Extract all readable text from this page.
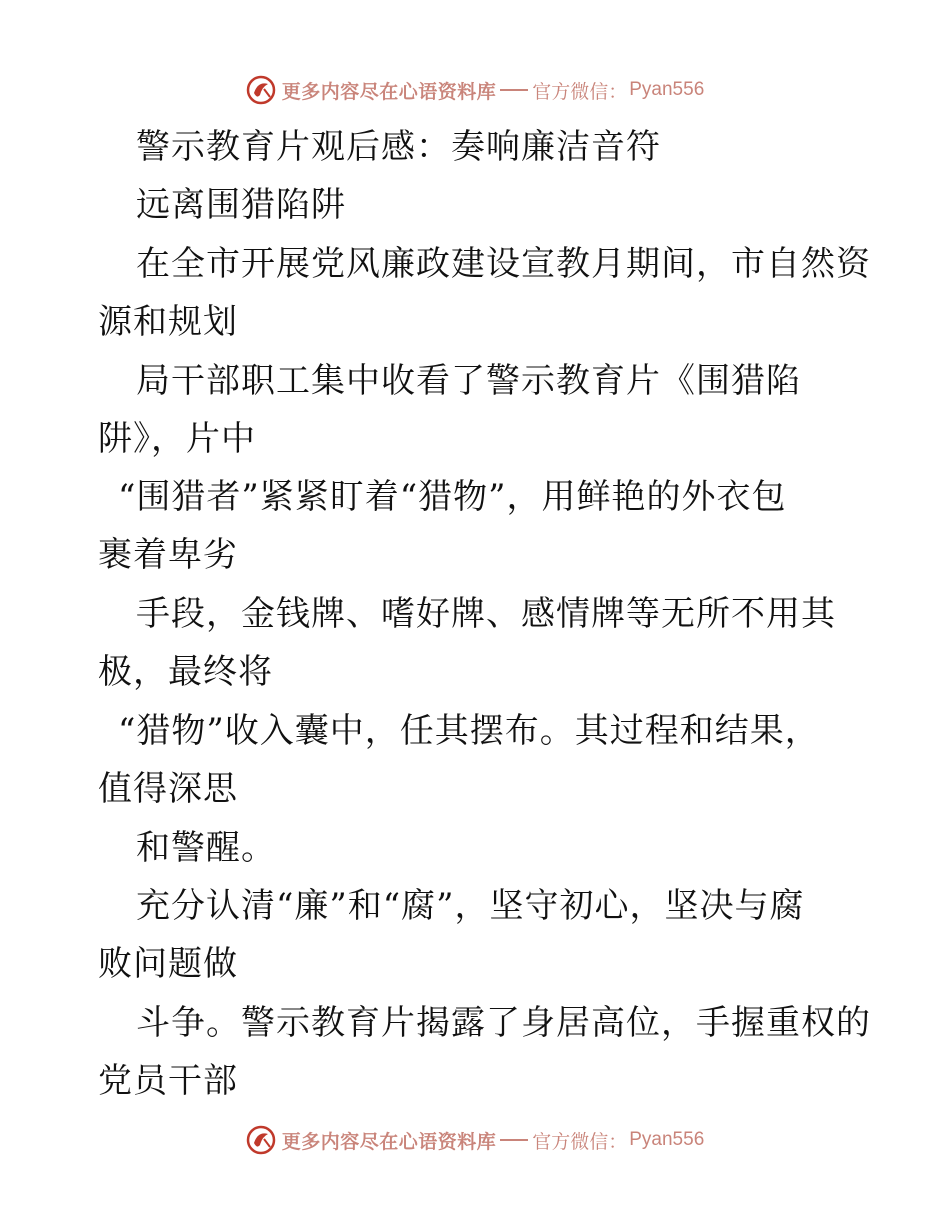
更多内容尽在心语资料库 官方微信： Pyan556
警示教育片观后感：奏响廉洁音符
远离围猎陷阱
在全市开展党风廉政建设宣教月期间，市自然资
源和规划
局干部职工集中收看了警示教育片《围猎陷
阱》，片中
“围猎者”紧紧盯着“猎物”，用鲜艳的外衣包
裹着卑劣
手段，金钱牌、嗜好牌、感情牌等无所不用其
极，最终将
“猎物”收入囊中，任其摆布。其过程和结果，
值得深思
和警醒。
充分认清“廉”和“腐”，坚守初心，坚决与腐
败问题做
斗争。警示教育片揭露了身居高位，手握重权的
党员干部
更多内容尽在心语资料库 官方微信： Pyan556
